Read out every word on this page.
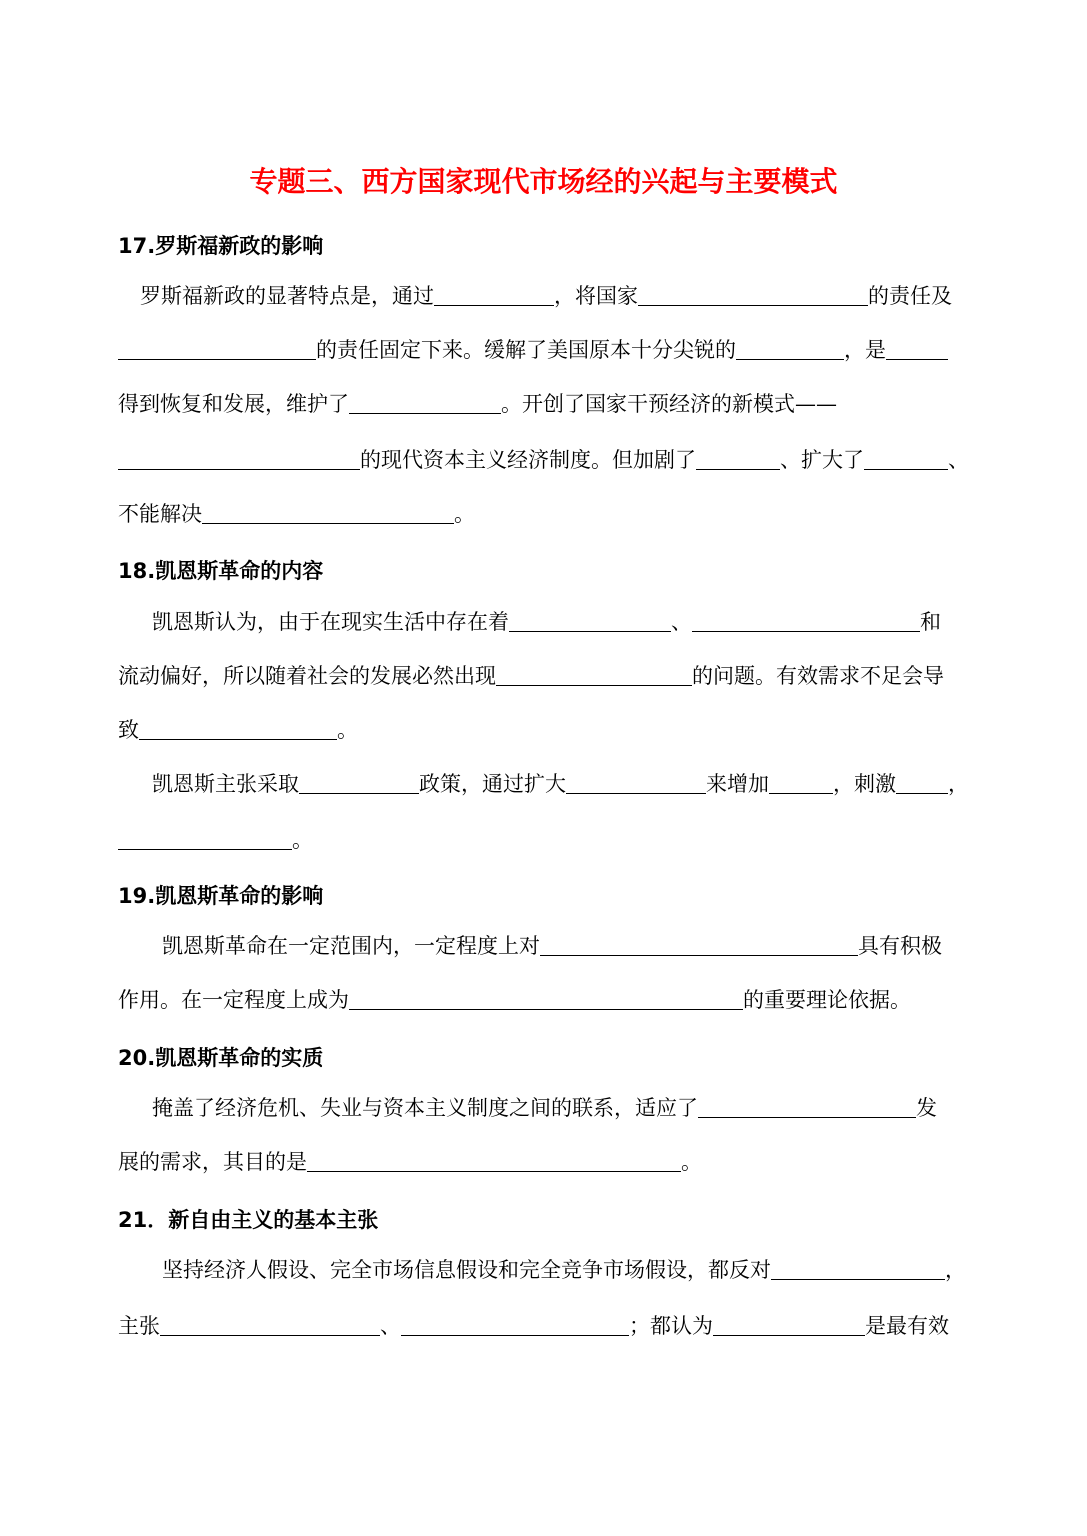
专题三、西方国家现代市场经的兴起与主要模式
17.罗斯福新政的影响
罗斯福新政的显著特点是，通过	，将国家	的责任及
的责任固定下来。缓解了美国原本十分尖锐的	，是
得到恢复和发展，维护了	。开创了国家干预经济的新模式——
的现代资本主义经济制度。但加剧了	、扩大了	、
不能解决	。
18.凯恩斯革命的内容
凯恩斯认为，由于在现实生活中存在着	、	和
流动偏好，所以随着社会的发展必然出现	的问题。有效需求不足会导
致	。
凯恩斯主张采取	政策，通过扩大	来增加	，刺激 ，
。
19.凯恩斯革命的影响
凯恩斯革命在一定范围内，一定程度上对	具有积极
作用。在一定程度上成为	的重要理论依据。
20.凯恩斯革命的实质
掩盖了经济危机、失业与资本主义制度之间的联系，适应了	发
展的需求，其目的是	。
21．新自由主义的基本主张
坚持经济人假设、完全市场信息假设和完全竞争市场假设，都反对	，
主张	、	；都认为	是最有效
